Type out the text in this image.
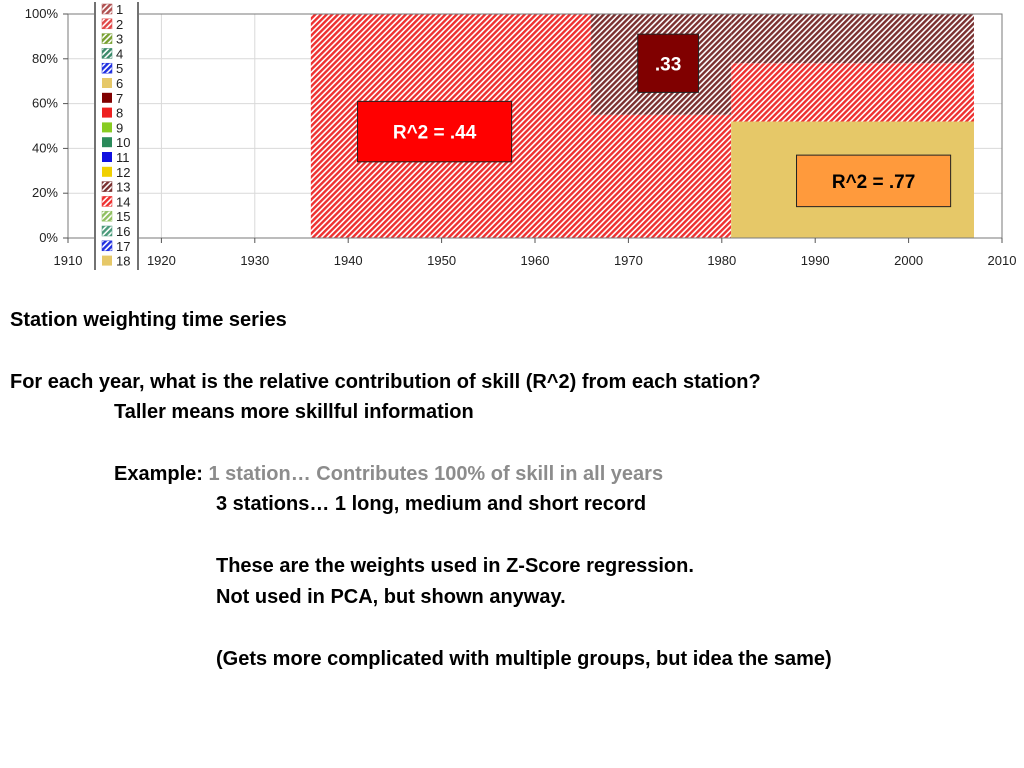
0%
20%
40%
60%
80%
100%
1910	1920	1930	1940	1950	1960	1970	1980	1990	2000	2010
1
2
3
4
5
6
7
8
9
10
11
12
13
14
15
16
17
18
R^2 = .44
.33
R^2 = .77
Station weighting time series
For each year, what is the relative contribution of skill (R^2) from each station?
Taller means more skillful information
Example: 1 station… Contributes 100% of skill in all years
3 stations… 1 long, medium and short record
These are the weights used in Z-Score regression.
Not used in PCA, but shown anyway.
(Gets more complicated with multiple groups, but idea the same)
